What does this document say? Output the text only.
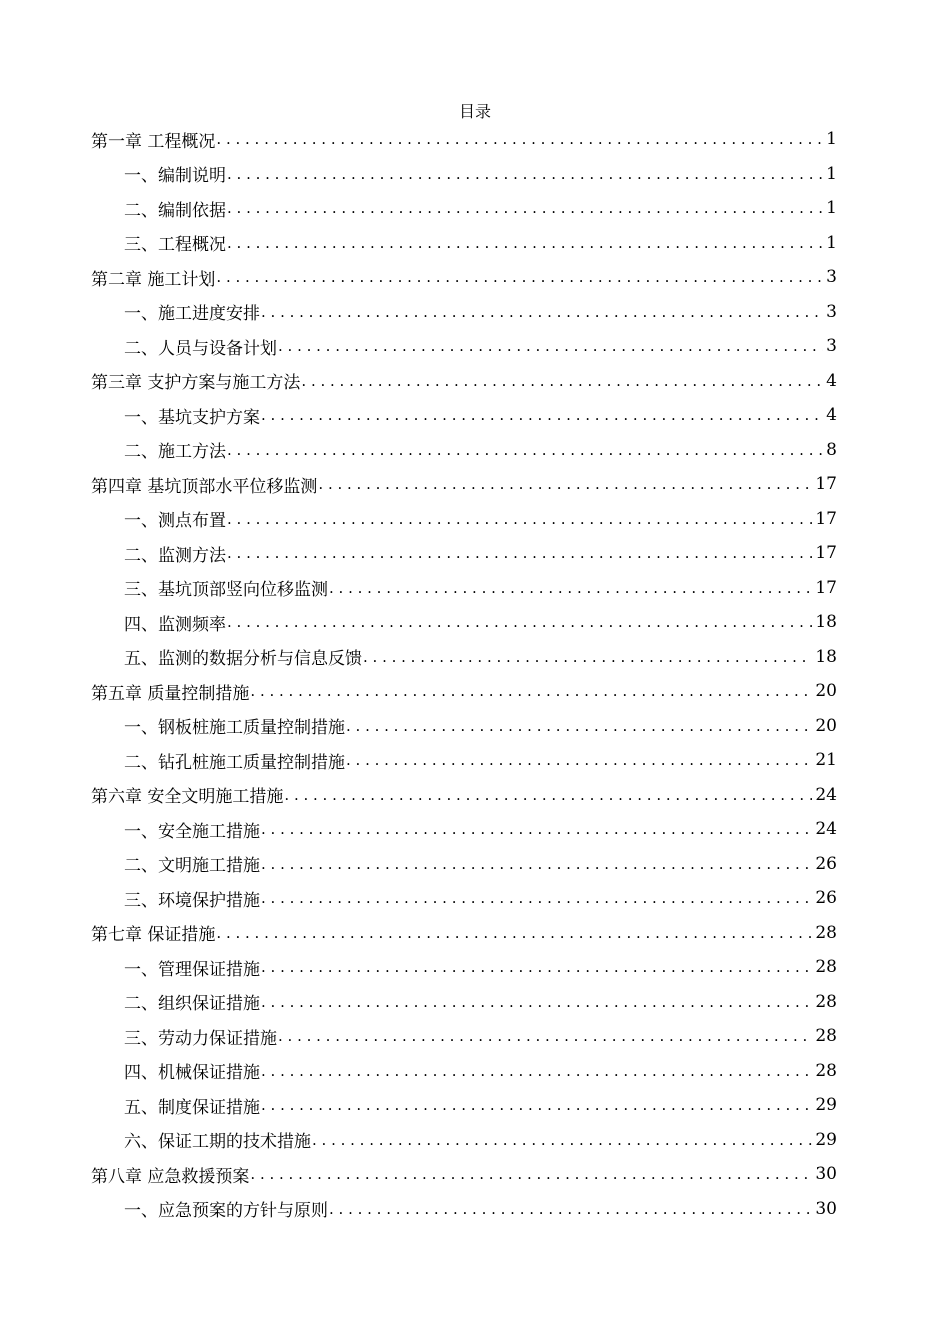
目录
第一章 工程概况 . . .	1
一、编制说明 . . .	1
二、编制依据 . . .	1
三、工程概况 . . .	1
第二章 施工计划 . . .	3
一、施工进度安排 . . .	3
二、人员与设备计划 . . .	3
第三章 支护方案与施工方法 . . .	4
一、基坑支护方案 . . .	4
二、施工方法 . . .	8
第四章 基坑顶部水平位移监测 . . .	17
一、测点布置 . . .	17
二、监测方法 . . .	17
三、基坑顶部竖向位移监测 . . .	17
四、监测频率 . . .	18
五、监测的数据分析与信息反馈 . . .	18
第五章 质量控制措施 . . .	20
一、钢板桩施工质量控制措施 . . .	20
二、钻孔桩施工质量控制措施 . . .	21
第六章 安全文明施工措施 . . .	24
一、安全施工措施 . . .	24
二、文明施工措施 . . .	26
三、环境保护措施 . . .	26
第七章 保证措施 . . .	28
一、管理保证措施 . . .	28
二、组织保证措施 . . .	28
三、劳动力保证措施 . . .	28
四、机械保证措施 . . .	28
五、制度保证措施 . . .	29
六、保证工期的技术措施 . . .	29
第八章 应急救援预案 . . .	30
一、应急预案的方针与原则 . . .	30
